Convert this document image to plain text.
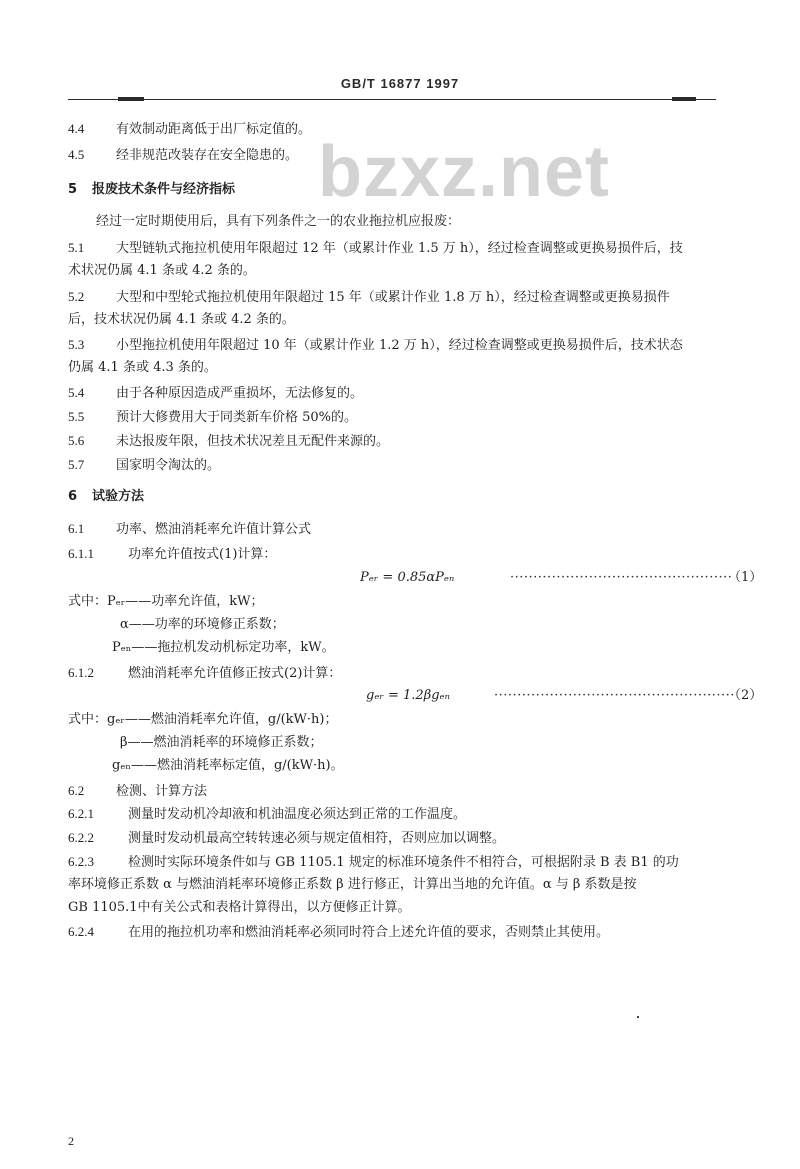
GB/T 16877 1997
bzxz.net
4.4 有效制动距离低于出厂标定值的。
4.5 经非规范改装存在安全隐患的。
5 报废技术条件与经济指标
经过一定时期使用后，具有下列条件之一的农业拖拉机应报废：
5.1 大型链轨式拖拉机使用年限超过 12 年（或累计作业 1.5 万 h），经过检查调整或更换易损件后，技
术状况仍属 4.1 条或 4.2 条的。
5.2 大型和中型轮式拖拉机使用年限超过 15 年（或累计作业 1.8 万 h），经过检查调整或更换易损件
后，技术状况仍属 4.1 条或 4.2 条的。
5.3 小型拖拉机使用年限超过 10 年（或累计作业 1.2 万 h），经过检查调整或更换易损件后，技术状态
仍属 4.1 条或 4.3 条的。
5.4 由于各种原因造成严重损坏，无法修复的。
5.5 预计大修费用大于同类新车价格 50%的。
5.6 未达报废年限，但技术状况差且无配件来源的。
5.7 国家明令淘汰的。
6 试验方法
6.1 功率、燃油消耗率允许值计算公式
6.1.1	功率允许值按式(1)计算：
Pₑᵣ = 0.85αPₑₙ	················································
（1）
式中：Pₑᵣ——功率允许值，kW；
α——功率的环境修正系数；
Pₑₙ——拖拉机发动机标定功率，kW。
6.1.2	燃油消耗率允许值修正按式(2)计算：
gₑᵣ = 1.2βgₑₙ	····················································
（2）
式中：gₑᵣ——燃油消耗率允许值，g/(kW·h)；
β——燃油消耗率的环境修正系数；
gₑₙ——燃油消耗率标定值，g/(kW·h)。
6.2 检测、计算方法
6.2.1	测量时发动机冷却液和机油温度必须达到正常的工作温度。
6.2.2	测量时发动机最高空转转速必须与规定值相符，否则应加以调整。
6.2.3	检测时实际环境条件如与 GB 1105.1 规定的标准环境条件不相符合，可根据附录 B 表 B1 的功
率环境修正系数 α 与燃油消耗率环境修正系数 β 进行修正，计算出当地的允许值。α 与 β 系数是按
GB 1105.1中有关公式和表格计算得出，以方便修正计算。
6.2.4	在用的拖拉机功率和燃油消耗率必须同时符合上述允许值的要求，否则禁止其使用。
2
